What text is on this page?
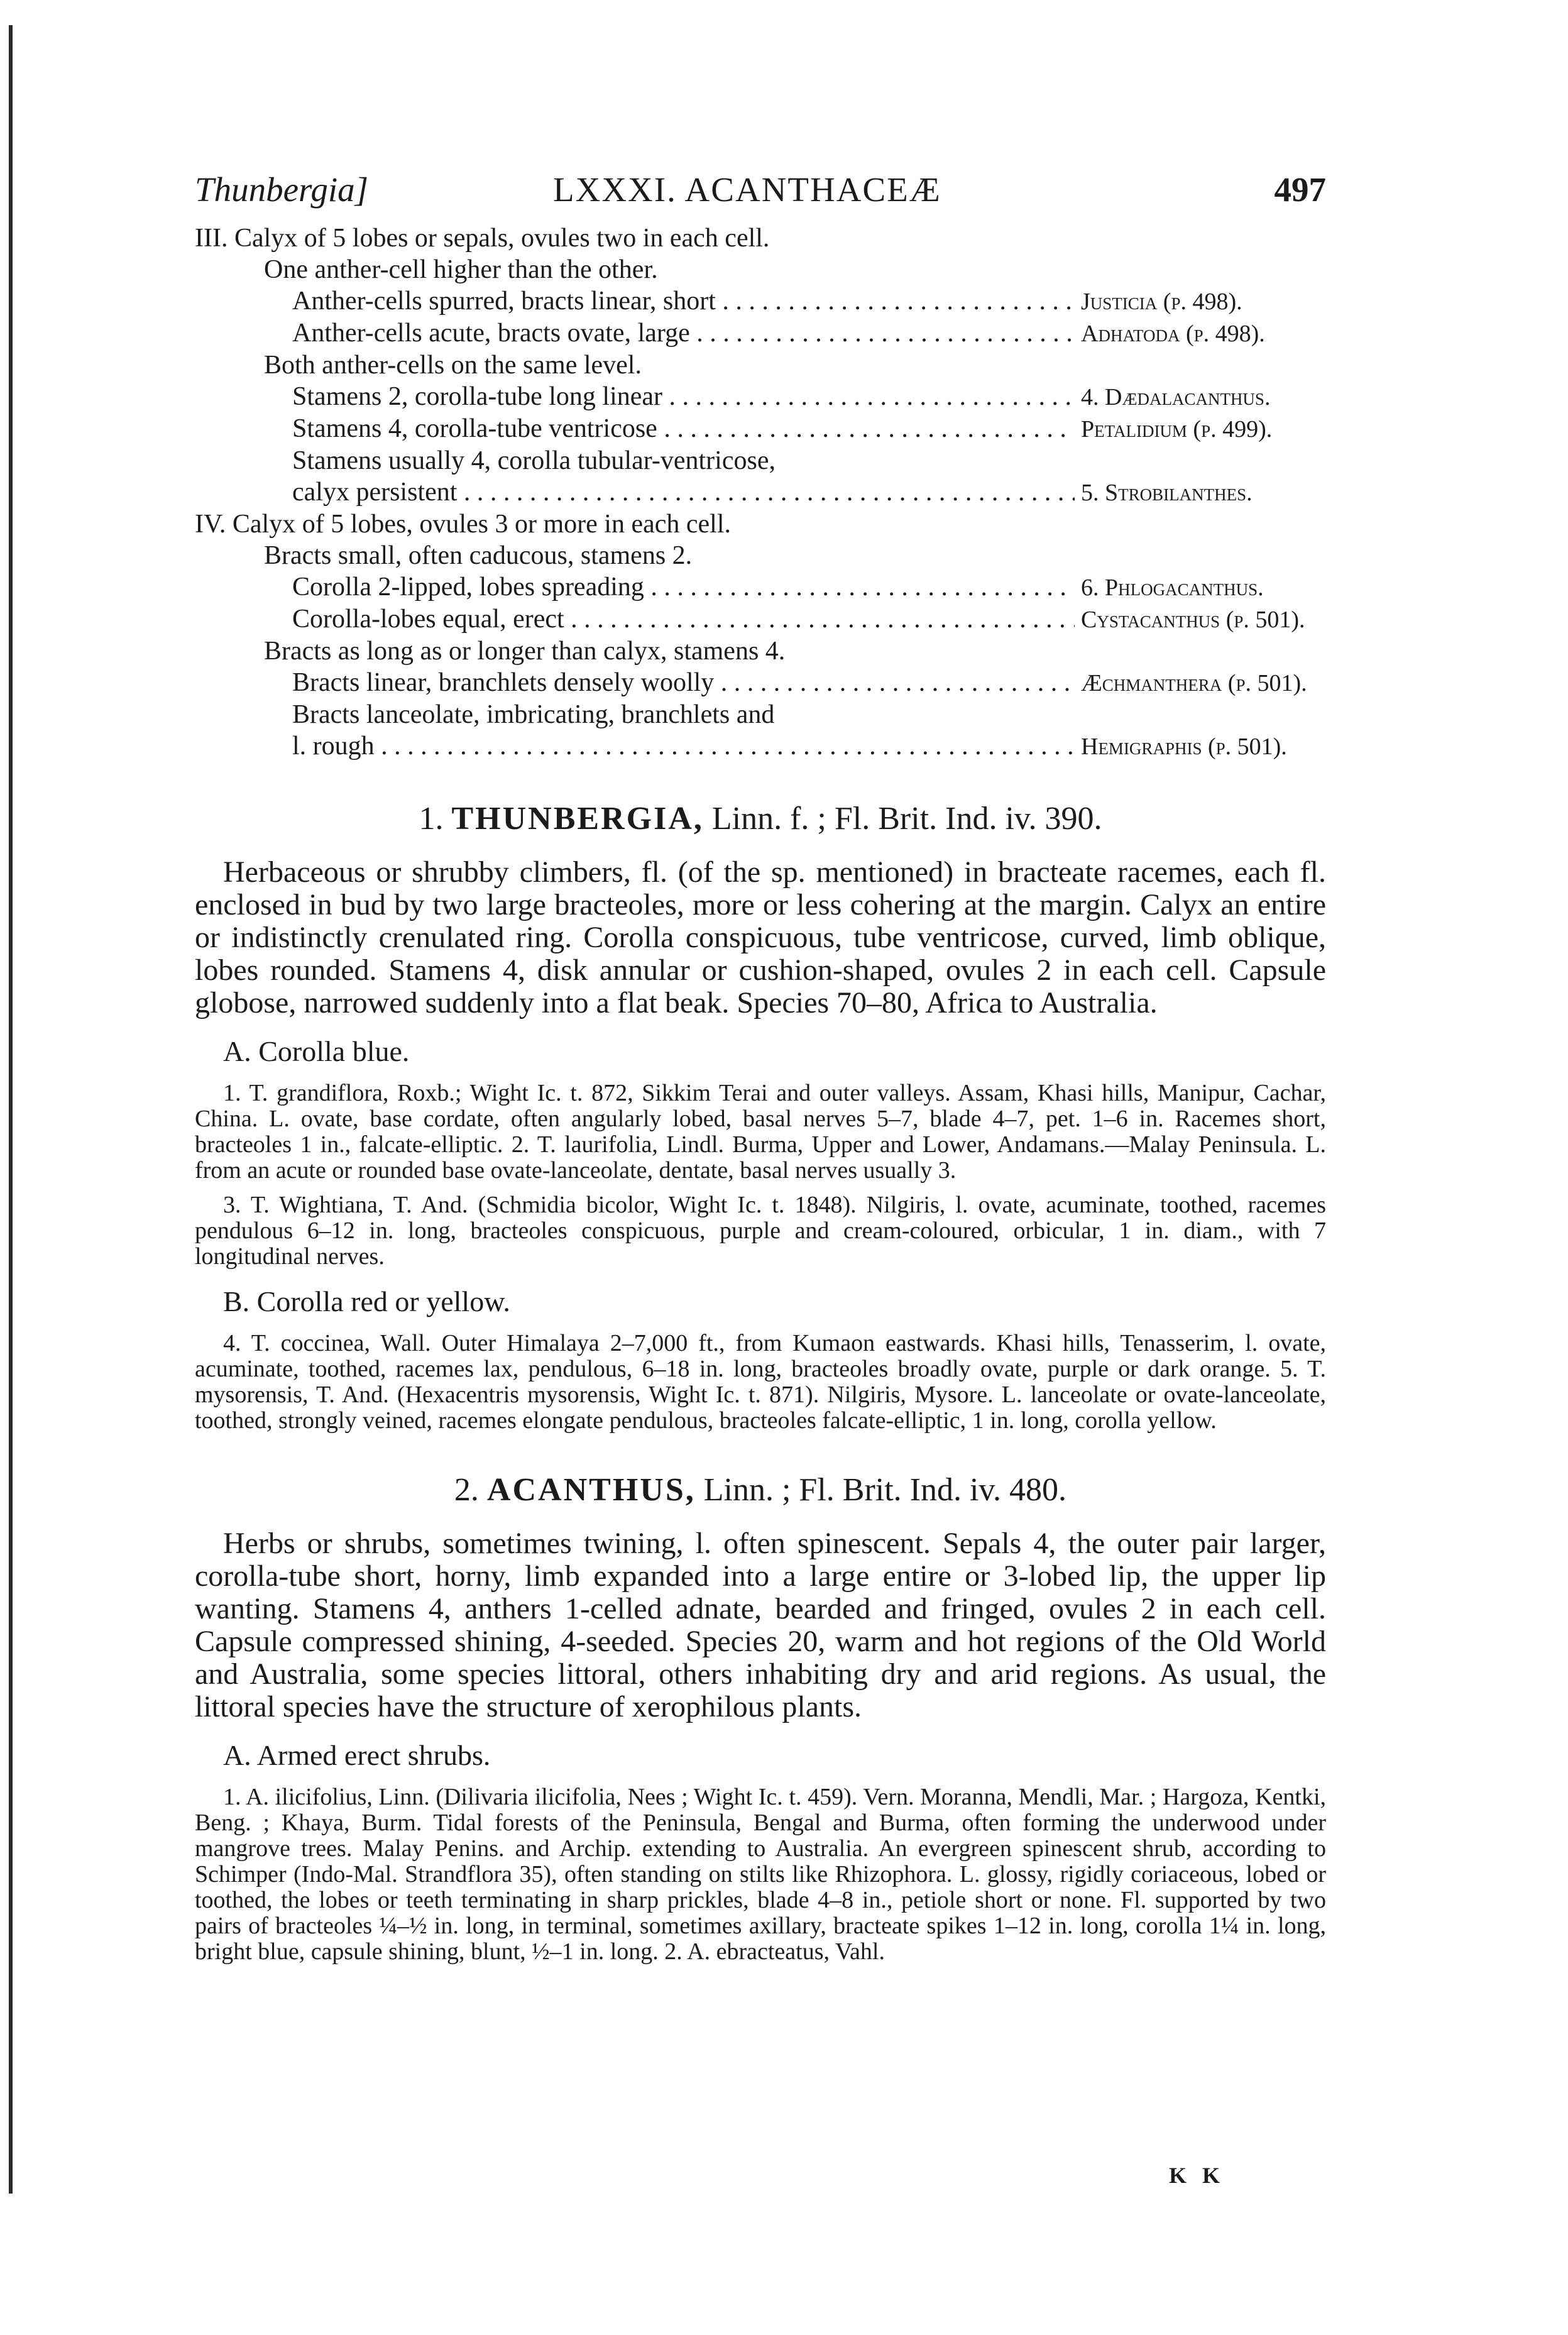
Thunbergia]	LXXXI. ACANTHACEÆ	497
III. Calyx of 5 lobes or sepals, ovules two in each cell.
One anther-cell higher than the other.
Anther-cells spurred, bracts linear, short . . .	Justicia (p. 498).
Anther-cells acute, bracts ovate, large . . .	Adhatoda (p. 498).
Both anther-cells on the same level.
Stamens 2, corolla-tube long linear . . .	4. Dædalacanthus.
Stamens 4, corolla-tube ventricose . . .	Petalidium (p. 499).
Stamens usually 4, corolla tubular-ventricose,
calyx persistent . . .	5. Strobilanthes.
IV. Calyx of 5 lobes, ovules 3 or more in each cell.
Bracts small, often caducous, stamens 2.
Corolla 2-lipped, lobes spreading . . .	6. Phlogacanthus.
Corolla-lobes equal, erect . . .	Cystacanthus (p. 501).
Bracts as long as or longer than calyx, stamens 4.
Bracts linear, branchlets densely woolly . . .	Æchmanthera (p. 501).
Bracts lanceolate, imbricating, branchlets and
l. rough . . .	Hemigraphis (p. 501).
1. THUNBERGIA, Linn. f. ; Fl. Brit. Ind. iv. 390.

Herbaceous or shrubby climbers, fl. (of the sp. mentioned) in bracteate racemes, each fl. enclosed in bud by two large bracteoles, more or less cohering at the margin. Calyx an entire or indistinctly crenulated ring. Corolla conspicuous, tube ventricose, curved, limb oblique, lobes rounded. Stamens 4, disk annular or cushion-shaped, ovules 2 in each cell. Capsule globose, narrowed suddenly into a flat beak. Species 70–80, Africa to Australia.

A. Corolla blue.

1. T. grandiflora, Roxb.; Wight Ic. t. 872, Sikkim Terai and outer valleys. Assam, Khasi hills, Manipur, Cachar, China. L. ovate, base cordate, often angularly lobed, basal nerves 5–7, blade 4–7, pet. 1–6 in. Racemes short, bracteoles 1 in., falcate-elliptic. 2. T. laurifolia, Lindl. Burma, Upper and Lower, Andamans.—Malay Peninsula. L. from an acute or rounded base ovate-lanceolate, dentate, basal nerves usually 3.

3. T. Wightiana, T. And. (Schmidia bicolor, Wight Ic. t. 1848). Nilgiris, l. ovate, acuminate, toothed, racemes pendulous 6–12 in. long, bracteoles conspicuous, purple and cream-coloured, orbicular, 1 in. diam., with 7 longitudinal nerves.

B. Corolla red or yellow.

4. T. coccinea, Wall. Outer Himalaya 2–7,000 ft., from Kumaon eastwards. Khasi hills, Tenasserim, l. ovate, acuminate, toothed, racemes lax, pendulous, 6–18 in. long, bracteoles broadly ovate, purple or dark orange. 5. T. mysorensis, T. And. (Hexacentris mysorensis, Wight Ic. t. 871). Nilgiris, Mysore. L. lanceolate or ovate-lanceolate, toothed, strongly veined, racemes elongate pendulous, bracteoles falcate-elliptic, 1 in. long, corolla yellow.

2. ACANTHUS, Linn. ; Fl. Brit. Ind. iv. 480.

Herbs or shrubs, sometimes twining, l. often spinescent. Sepals 4, the outer pair larger, corolla-tube short, horny, limb expanded into a large entire or 3-lobed lip, the upper lip wanting. Stamens 4, anthers 1-celled adnate, bearded and fringed, ovules 2 in each cell. Capsule compressed shining, 4-seeded. Species 20, warm and hot regions of the Old World and Australia, some species littoral, others inhabiting dry and arid regions. As usual, the littoral species have the structure of xerophilous plants.

A. Armed erect shrubs.

1. A. ilicifolius, Linn. (Dilivaria ilicifolia, Nees ; Wight Ic. t. 459). Vern. Moranna, Mendli, Mar. ; Hargoza, Kentki, Beng. ; Khaya, Burm. Tidal forests of the Peninsula, Bengal and Burma, often forming the underwood under mangrove trees. Malay Penins. and Archip. extending to Australia. An evergreen spinescent shrub, according to Schimper (Indo-Mal. Strandflora 35), often standing on stilts like Rhizophora. L. glossy, rigidly coriaceous, lobed or toothed, the lobes or teeth terminating in sharp prickles, blade 4–8 in., petiole short or none. Fl. supported by two pairs of bracteoles ¼–½ in. long, in terminal, sometimes axillary, bracteate spikes 1–12 in. long, corolla 1¼ in. long, bright blue, capsule shining, blunt, ½–1 in. long. 2. A. ebracteatus, Vahl.

K K
